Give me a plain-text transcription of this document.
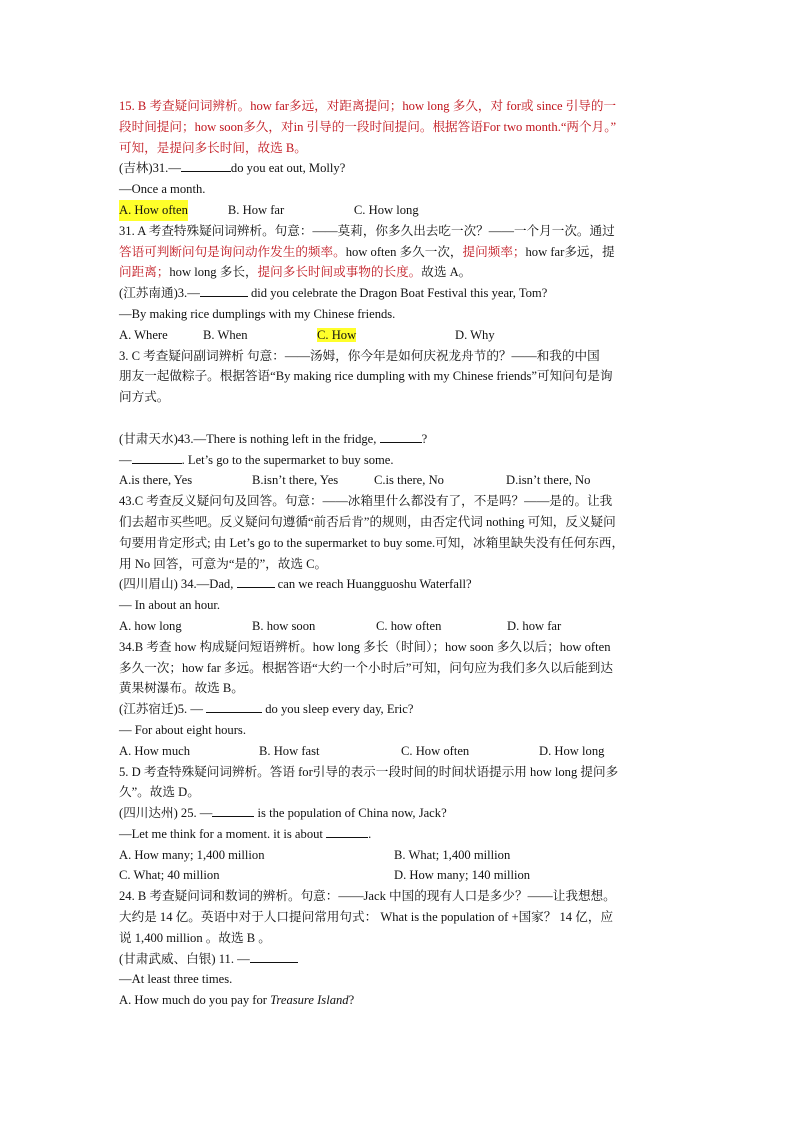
15. B 考查疑问词辨析。how far多远，对距离提问；how long 多久，对 for或 since 引导的一
段时间提问；how soon多久，对in 引导的一段时间提问。根据答语For two month.“两个月。”
可知，是提问多长时间，故选 B。
(吉林)31.—	do you eat out, Molly?
—Once a month.
A. How often	B. How far	C. How long
31. A 考查特殊疑问词辨析。句意：——莫莉，你多久出去吃一次？——一个月一次。通过
答语可判断问句是询问动作发生的频率。how often 多久一次，提问频率；how far多远，提
问距离；how long 多长，提问多长时间或事物的长度。故选 A。
(江苏南通)3.—	did you celebrate the Dragon Boat Festival this year, Tom?
—By making rice dumplings with my Chinese friends.
A. Where	B. When	C. How	D. Why
3. C 考查疑问副词辨析 句意：——汤姆，你今年是如何庆祝龙舟节的？——和我的中国
朋友一起做粽子。根据答语“By making rice dumpling with my Chinese friends”可知问句是询
问方式。
(甘肃天水)43.—There is nothing left in the fridge,	?
—	. Let’s go to the supermarket to buy some.
A.is there, Yes	B.isn’t there, Yes	C.is there, No	D.isn’t there, No
43.C 考查反义疑问句及回答。句意：——冰箱里什么都没有了，不是吗？——是的。让我
们去超市买些吧。反义疑问句遵循“前否后肯”的规则，由否定代词 nothing 可知，反义疑问
句要用肯定形式; 由 Let’s go to the supermarket to buy some.可知，冰箱里缺失没有任何东西，
用 No 回答，可意为“是的”，故选 C。
(四川眉山) 34.—Dad,	can we reach Huangguoshu Waterfall?
— In about an hour.
A. how long	B. how soon	C. how often	D. how far
34.B 考查 how 构成疑问短语辨析。how long 多长（时间）；how soon 多久以后；how often
多久一次；how far 多远。根据答语“大约一个小时后”可知，问句应为我们多久以后能到达
黄果树瀑布。故选 B。
(江苏宿迁)5. —	do you sleep every day, Eric?
— For about eight hours.
A. How much	B. How fast	C. How often	D. How long
5. D 考查特殊疑问词辨析。答语 for引导的表示一段时间的时间状语提示用 how long 提问多
久”。故选 D。
(四川达州) 25. —	is the population of China now, Jack?
—Let me think for a moment. it is about	.
A. How many; 1,400 million	B. What; 1,400 million
C. What; 40 million	D. How many; 140 million
24. B 考查疑问词和数词的辨析。句意：——Jack 中国的现有人口是多少？——让我想想。
大约是 14 亿。英语中对于人口提问常用句式： What is the population of +国家？ 14 亿，应
说 1,400 million 。故选 B 。
(甘肃武威、白银) 11. —
—At least three times.
A. How much do you pay for Treasure Island?
